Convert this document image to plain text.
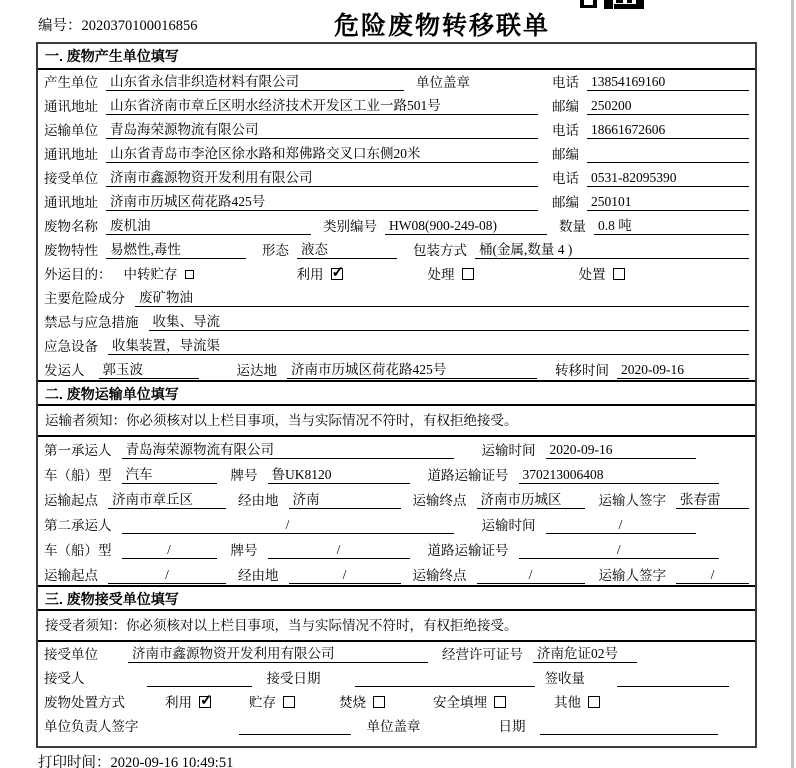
编号：2020370100016856	危险废物转移联单
一. 废物产生单位填写
产生单位 山东省永信非织造材料有限公司	单位盖章	电话 13854169160
通讯地址 山东省济南市章丘区明水经济技术开发区工业一路501号	邮编 250200
运输单位 青岛海荣源物流有限公司	电话 18661672606
通讯地址 山东省青岛市李沧区徐水路和郑佛路交叉口东侧20米	邮编
接受单位 济南市鑫源物资开发利用有限公司	电话 0531-82095390
通讯地址 济南市历城区荷花路425号	邮编 250101
废物名称 废机油	类别编号 HW08(900-249-08)	数量 0.8 吨
废物特性 易燃性,毒性	形态 液态	包装方式 桶(金属,数量 4 )
外运目的： 中转贮存	利用 ✓	处理	处置
主要危险成分 废矿物油
禁忌与应急措施 收集、导流
应急设备 收集装置，导流渠
发运人 郭玉波	运达地 济南市历城区荷花路425号	转移时间 2020-09-16
二. 废物运输单位填写
运输者须知：你必须核对以上栏目事项，当与实际情况不符时，有权拒绝接受。
第一承运人 青岛海荣源物流有限公司	运输时间 2020-09-16
车（船）型 汽车	牌号 鲁UK8120	道路运输证号 370213006408
运输起点 济南市章丘区	经由地 济南	运输终点 济南市历城区	运输人签字 张春雷
第二承运人	/	运输时间	/
车（船）型	/	牌号	/	道路运输证号	/
运输起点	/	经由地	/	运输终点	/	运输人签字	/
三. 废物接受单位填写
接受者须知：你必须核对以上栏目事项，当与实际情况不符时，有权拒绝接受。
接受单位	济南市鑫源物资开发利用有限公司	经营许可证号 济南危证02号
接受人	接受日期	签收量
废物处置方式	利用 ✓	贮存	焚烧	安全填埋	其他
单位负责人签字	单位盖章	日期
打印时间：2020-09-16 10:49:51
